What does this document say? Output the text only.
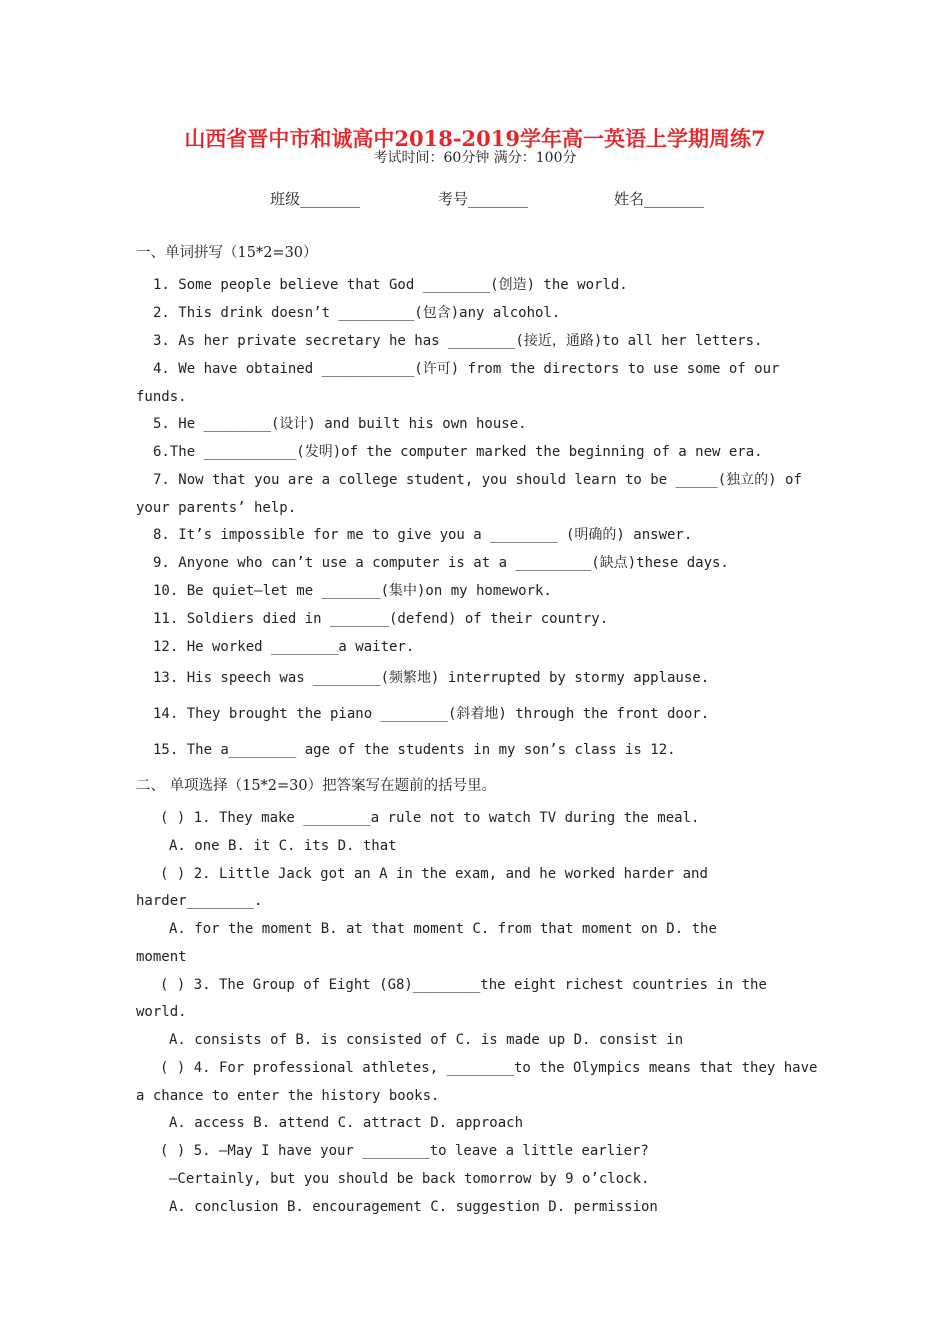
山西省晋中市和诚高中2018-2019学年高一英语上学期周练7
考试时间：60分钟 满分：100分
班级________	考号________	姓名________
一、单词拼写（15*2=30）
1. Some people believe that God ________(创造) the world.
2. This drink doesn’t _________(包含)any alcohol.
3. As her private secretary he has ________(接近，通路)to all her letters.
4. We have obtained ___________(许可) from the directors to use some of our
funds.
5. He ________(设计) and built his own house.
6.The ___________(发明)of the computer marked the beginning of a new era.
7. Now that you are a college student, you should learn to be _____(独立的) of
your parents’ help.
8. It’s impossible for me to give you a ________ (明确的) answer.
9. Anyone who can’t use a computer is at a _________(缺点)these days.
10. Be quiet—let me _______(集中)on my homework.
11. Soldiers died in _______(defend) of their country.
12. He worked ________a waiter.
13. His speech was ________(频繁地) interrupted by stormy applause.
14. They brought the piano ________(斜着地) through the front door.
15. The a________ age of the students in my son’s class is 12.
二、 单项选择（15*2=30）把答案写在题前的括号里。
( ) 1. They make ________a rule not to watch TV during the meal.
A. one B. it C. its D. that
( ) 2. Little Jack got an A in the exam, and he worked harder and
harder________.
A. for the moment B. at that moment C. from that moment on D. the
moment
( ) 3. The Group of Eight (G8)________the eight richest countries in the
world.
A. consists of B. is consisted of C. is made up D. consist in
( ) 4. For professional athletes, ________to the Olympics means that they have
a chance to enter the history books.
A. access B. attend C. attract D. approach
( ) 5. —May I have your ________to leave a little earlier?
—Certainly, but you should be back tomorrow by 9 o’clock.
A. conclusion B. encouragement C. suggestion D. permission
